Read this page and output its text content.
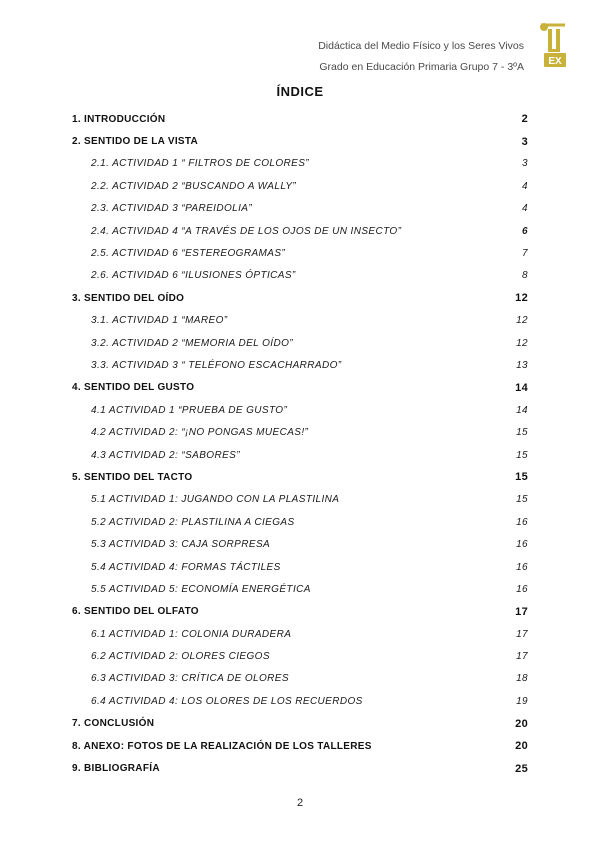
Didáctica del Medio Físico y los Seres Vivos
Grado en Educación Primaria Grupo 7 - 3ºA EX
ÍNDICE
1. INTRODUCCIÓN	2
2. SENTIDO DE LA VISTA	3
2.1. ACTIVIDAD 1 “ FILTROS DE COLORES”	3
2.2. ACTIVIDAD 2 “BUSCANDO A WALLY”	4
2.3. ACTIVIDAD 3 “PAREIDOLIA”	4
2.4. ACTIVIDAD 4 “A TRAVÉS DE LOS OJOS DE UN INSECTO”	6
2.5. ACTIVIDAD 6 “ESTEREOGRAMAS”	7
2.6. ACTIVIDAD 6 “ILUSIONES ÓPTICAS”	8
3. SENTIDO DEL OÍDO	12
3.1. ACTIVIDAD 1 “MAREO”	12
3.2. ACTIVIDAD 2 “MEMORIA DEL OÍDO”	12
3.3. ACTIVIDAD 3 “ TELÉFONO ESCACHARRADO”	13
4. SENTIDO DEL GUSTO	14
4.1 ACTIVIDAD 1 “PRUEBA DE GUSTO”	14
4.2 ACTIVIDAD 2: “¡NO PONGAS MUECAS!”	15
4.3 ACTIVIDAD 2: “SABORES”	15
5. SENTIDO DEL TACTO	15
5.1 ACTIVIDAD 1: JUGANDO CON LA PLASTILINA	15
5.2 ACTIVIDAD 2: PLASTILINA A CIEGAS	16
5.3 ACTIVIDAD 3: CAJA SORPRESA	16
5.4 ACTIVIDAD 4: FORMAS TÁCTILES	16
5.5 ACTIVIDAD 5: ECONOMÍA ENERGÉTICA	16
6. SENTIDO DEL OLFATO	17
6.1 ACTIVIDAD 1: COLONIA DURADERA	17
6.2 ACTIVIDAD 2: OLORES CIEGOS	17
6.3 ACTIVIDAD 3: CRÍTICA DE OLORES	18
6.4 ACTIVIDAD 4: LOS OLORES DE LOS RECUERDOS	19
7. CONCLUSIÓN	20
8. ANEXO: FOTOS DE LA REALIZACIÓN DE LOS TALLERES	20
9. BIBLIOGRAFÍA	25
2
